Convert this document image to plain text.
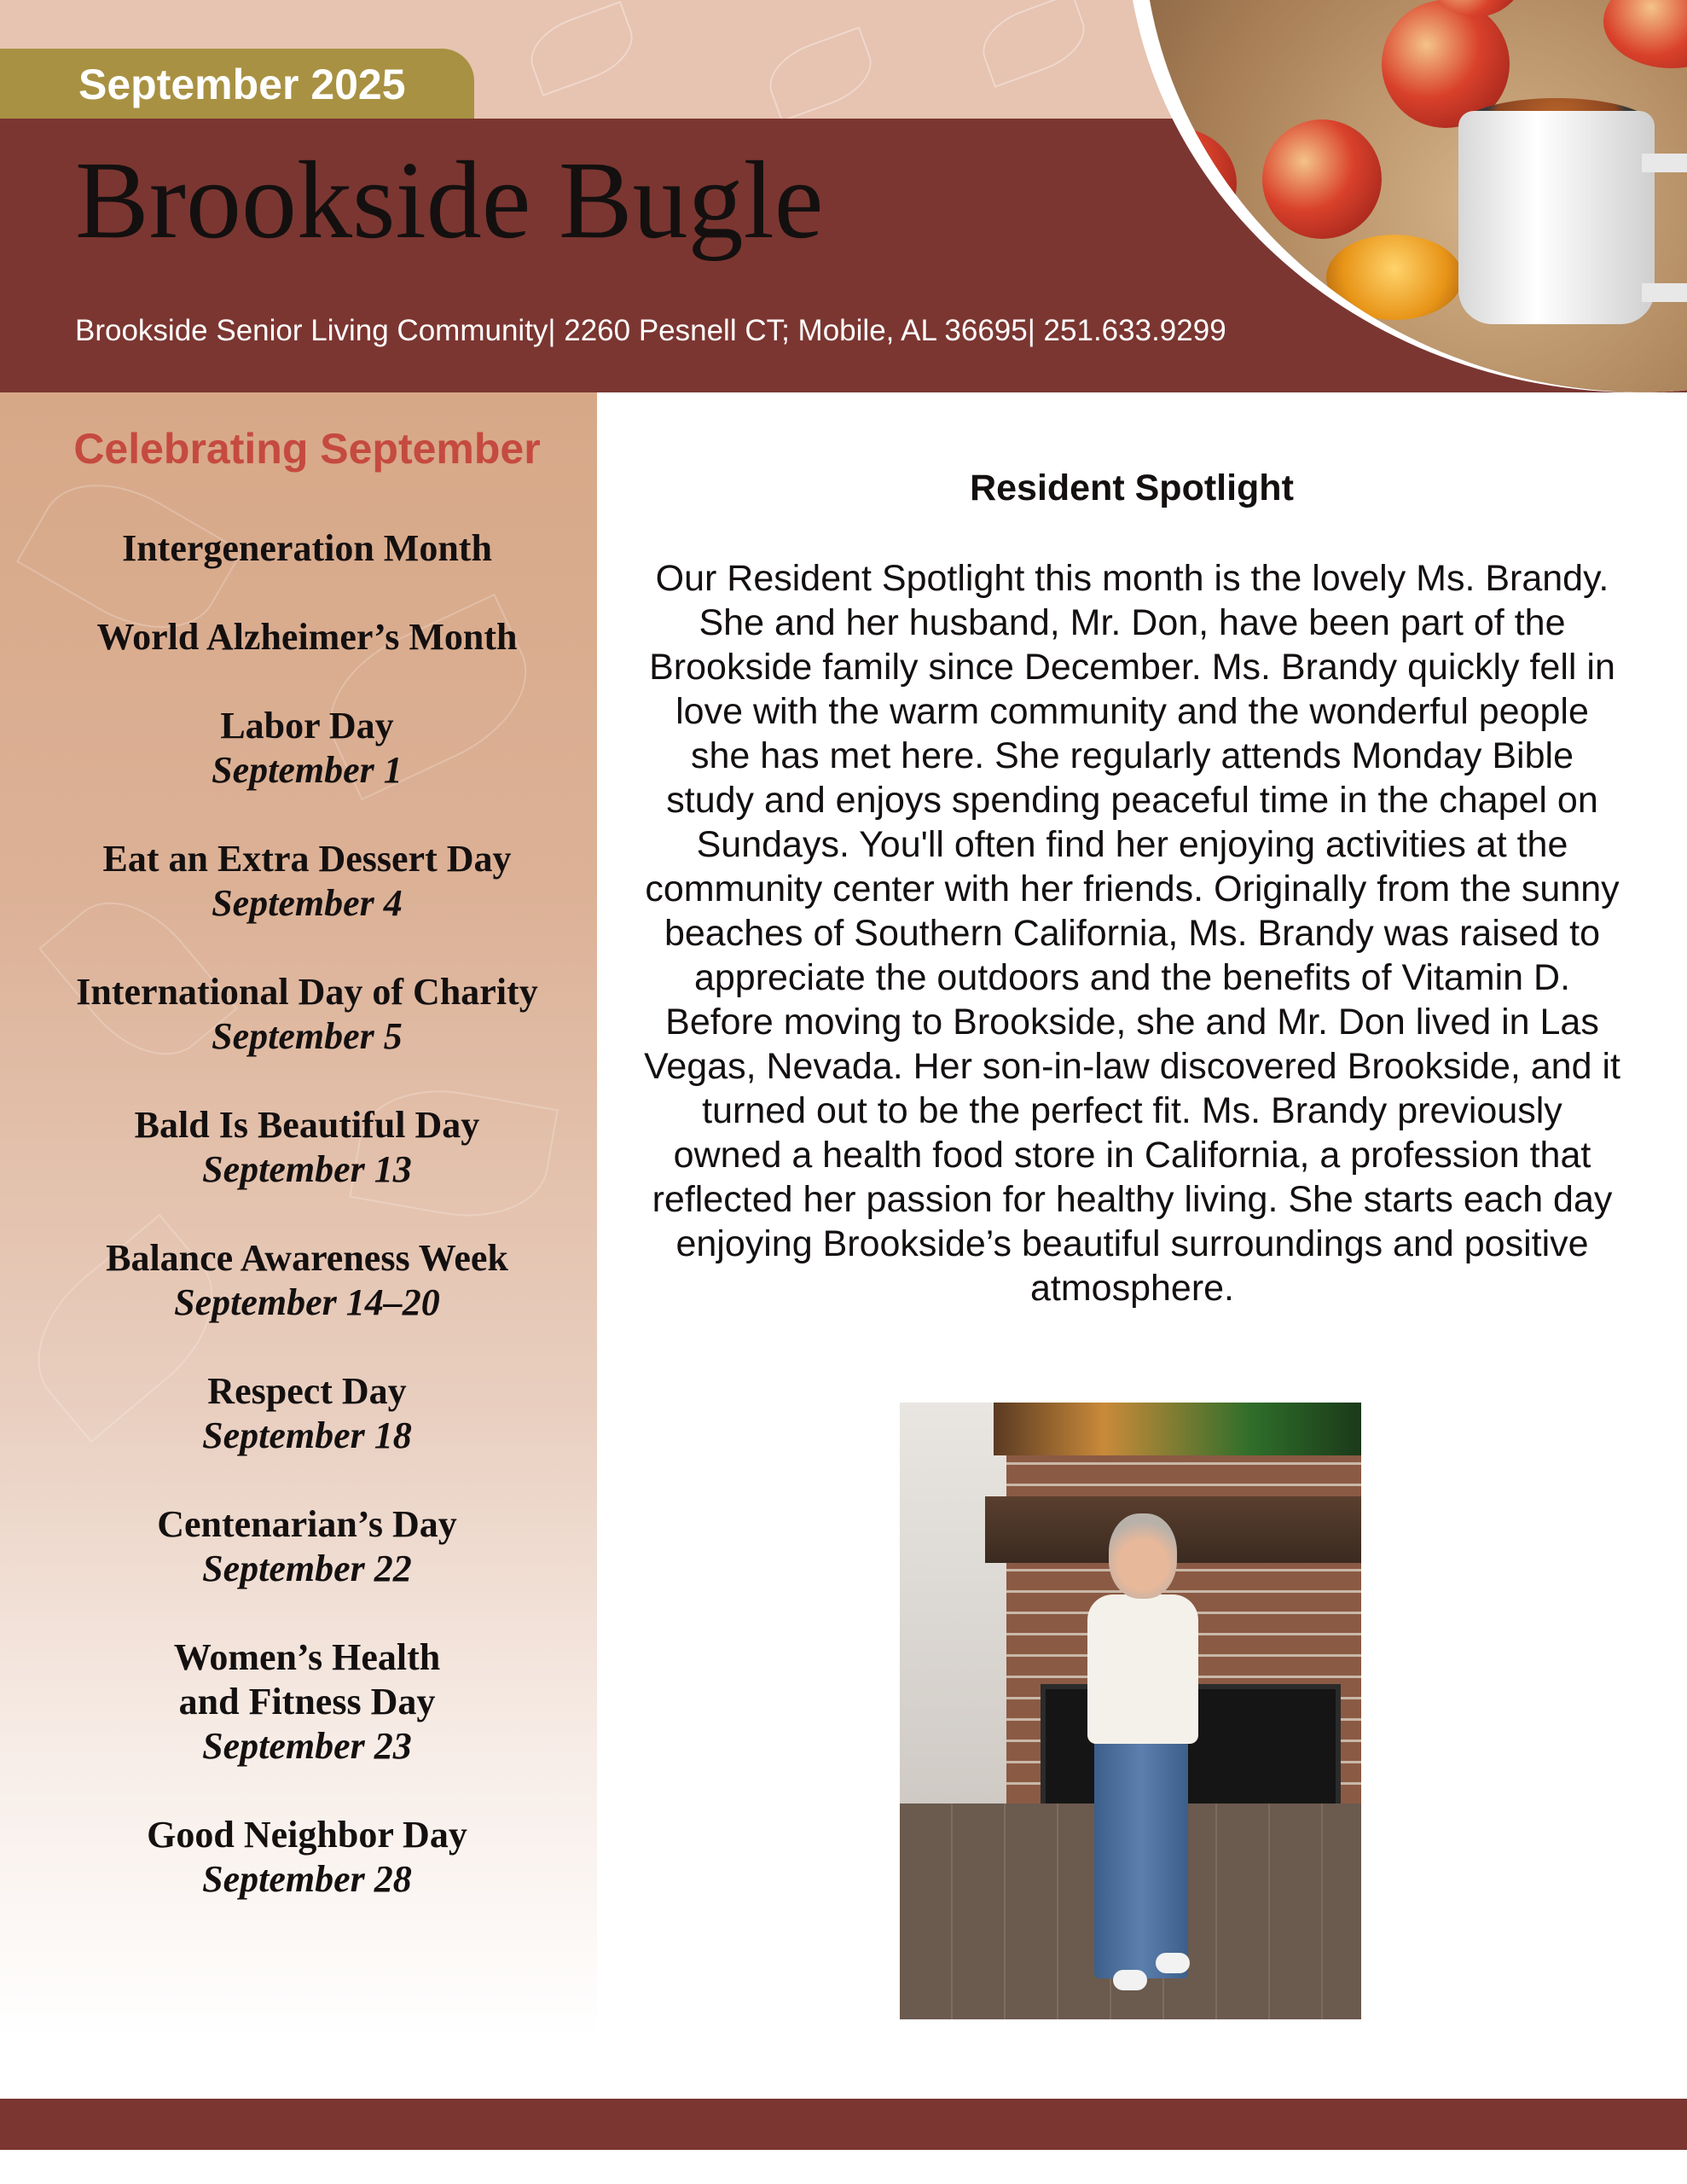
September 2025
Brookside Bugle
Brookside Senior Living Community| 2260 Pesnell CT; Mobile, AL 36695| 251.633.9299
Celebrating September
Intergeneration Month
World Alzheimer’s Month
Labor Day
September 1
Eat an Extra Dessert Day
September 4
International Day of Charity
September 5
Bald Is Beautiful Day
September 13
Balance Awareness Week
September 14–20
Respect Day
September 18
Centenarian’s Day
September 22
Women’s Health
and Fitness Day
September 23
Good Neighbor Day
September 28
Resident Spotlight

Our Resident Spotlight this month is the lovely Ms. Brandy. She and her husband, Mr. Don, have been part of the Brookside family since December. Ms. Brandy quickly fell in love with the warm community and the wonderful people she has met here. She regularly attends Monday Bible study and enjoys spending peaceful time in the chapel on Sundays. You'll often find her enjoying activities at the community center with her friends. Originally from the sunny beaches of Southern California, Ms. Brandy was raised to appreciate the outdoors and the benefits of Vitamin D. Before moving to Brookside, she and Mr. Don lived in Las Vegas, Nevada. Her son-in-law discovered Brookside, and it turned out to be the perfect fit. Ms. Brandy previously owned a health food store in California, a profession that reflected her passion for healthy living. She starts each day enjoying Brookside’s beautiful surroundings and positive atmosphere.
